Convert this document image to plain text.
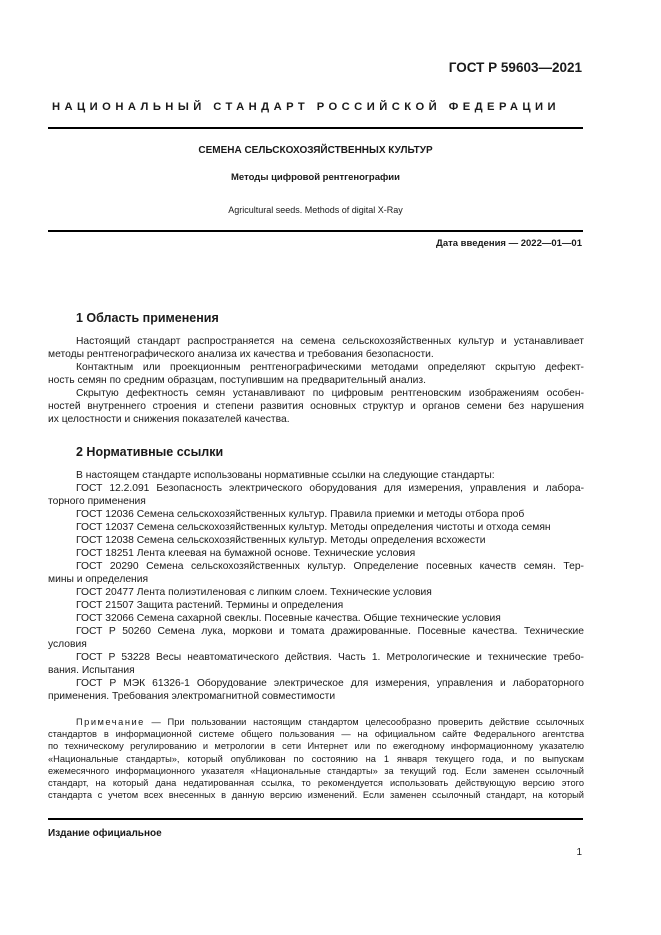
ГОСТ Р 59603—2021
НАЦИОНАЛЬНЫЙ СТАНДАРТ РОССИЙСКОЙ ФЕДЕРАЦИИ
СЕМЕНА СЕЛЬСКОХОЗЯЙСТВЕННЫХ КУЛЬТУР
Методы цифровой рентгенографии
Agricultural seeds. Methods of digital X-Ray
Дата введения — 2022—01—01
1 Область применения
Настоящий стандарт распространяется на семена сельскохозяйственных культур и устанавливает
методы рентгенографического анализа их качества и требования безопасности.
Контактным или проекционным рентгенографическими методами определяют скрытую дефект-
ность семян по средним образцам, поступившим на предварительный анализ.
Скрытую дефектность семян устанавливают по цифровым рентгеновским изображениям особен-
ностей внутреннего строения и степени развития основных структур и органов семени без нарушения
их целостности и снижения показателей качества.
2 Нормативные ссылки
В настоящем стандарте использованы нормативные ссылки на следующие стандарты:
ГОСТ 12.2.091 Безопасность электрического оборудования для измерения, управления и лабора-
торного применения
ГОСТ 12036 Семена сельскохозяйственных культур. Правила приемки и методы отбора проб
ГОСТ 12037 Семена сельскохозяйственных культур. Методы определения чистоты и отхода семян
ГОСТ 12038 Семена сельскохозяйственных культур. Методы определения всхожести
ГОСТ 18251 Лента клеевая на бумажной основе. Технические условия
ГОСТ 20290 Семена сельскохозяйственных культур. Определение посевных качеств семян. Тер-
мины и определения
ГОСТ 20477 Лента полиэтиленовая с липким слоем. Технические условия
ГОСТ 21507 Защита растений. Термины и определения
ГОСТ 32066 Семена сахарной свеклы. Посевные качества. Общие технические условия
ГОСТ Р 50260 Семена лука, моркови и томата дражированные. Посевные качества. Технические
условия
ГОСТ Р 53228 Весы неавтоматического действия. Часть 1. Метрологические и технические требо-
вания. Испытания
ГОСТ Р МЭК 61326-1 Оборудование электрическое для измерения, управления и лабораторного
применения. Требования электромагнитной совместимости
Примечание — При пользовании настоящим стандартом целесообразно проверить действие ссылочных
стандартов в информационной системе общего пользования — на официальном сайте Федерального агентства
по техническому регулированию и метрологии в сети Интернет или по ежегодному информационному указателю
«Национальные стандарты», который опубликован по состоянию на 1 января текущего года, и по выпускам
ежемесячного информационного указателя «Национальные стандарты» за текущий год. Если заменен ссылочный
стандарт, на который дана недатированная ссылка, то рекомендуется использовать действующую версию этого
стандарта с учетом всех внесенных в данную версию изменений. Если заменен ссылочный стандарт, на который
Издание официальное
1
